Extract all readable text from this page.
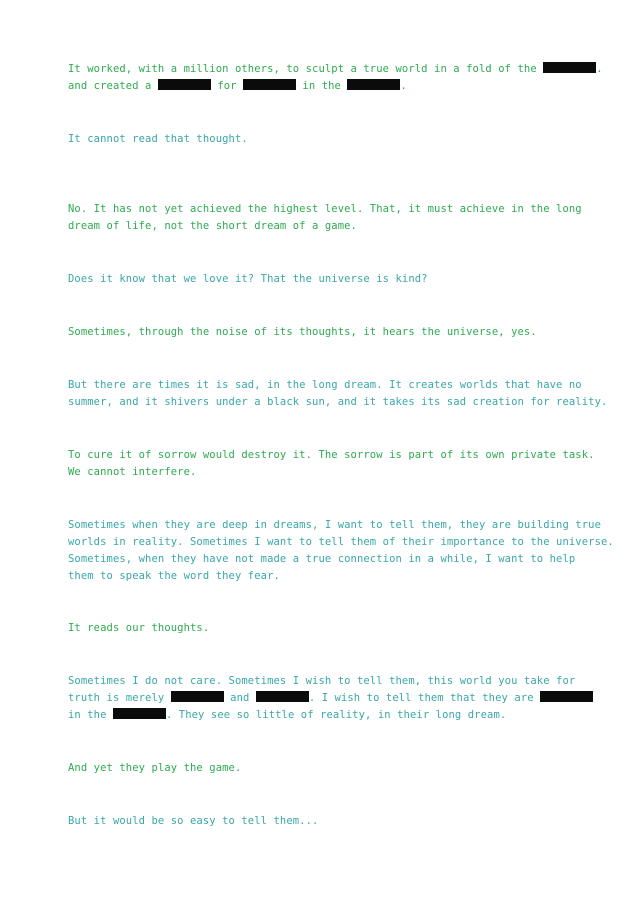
It worked, with a million others, to sculpt a true world in a fold of the	.
and created a	for	in the	.
It cannot read that thought.
No. It has not yet achieved the highest level. That, it must achieve in the long
dream of life, not the short dream of a game.
Does it know that we love it? That the universe is kind?
Sometimes, through the noise of its thoughts, it hears the universe, yes.
But there are times it is sad, in the long dream. It creates worlds that have no
summer, and it shivers under a black sun, and it takes its sad creation for reality.
To cure it of sorrow would destroy it. The sorrow is part of its own private task.
We cannot interfere.
Sometimes when they are deep in dreams, I want to tell them, they are building true
worlds in reality. Sometimes I want to tell them of their importance to the universe.
Sometimes, when they have not made a true connection in a while, I want to help
them to speak the word they fear.
It reads our thoughts.
Sometimes I do not care. Sometimes I wish to tell them, this world you take for
truth is merely	and	. I wish to tell them that they are
in the	. They see so little of reality, in their long dream.
And yet they play the game.
But it would be so easy to tell them...
